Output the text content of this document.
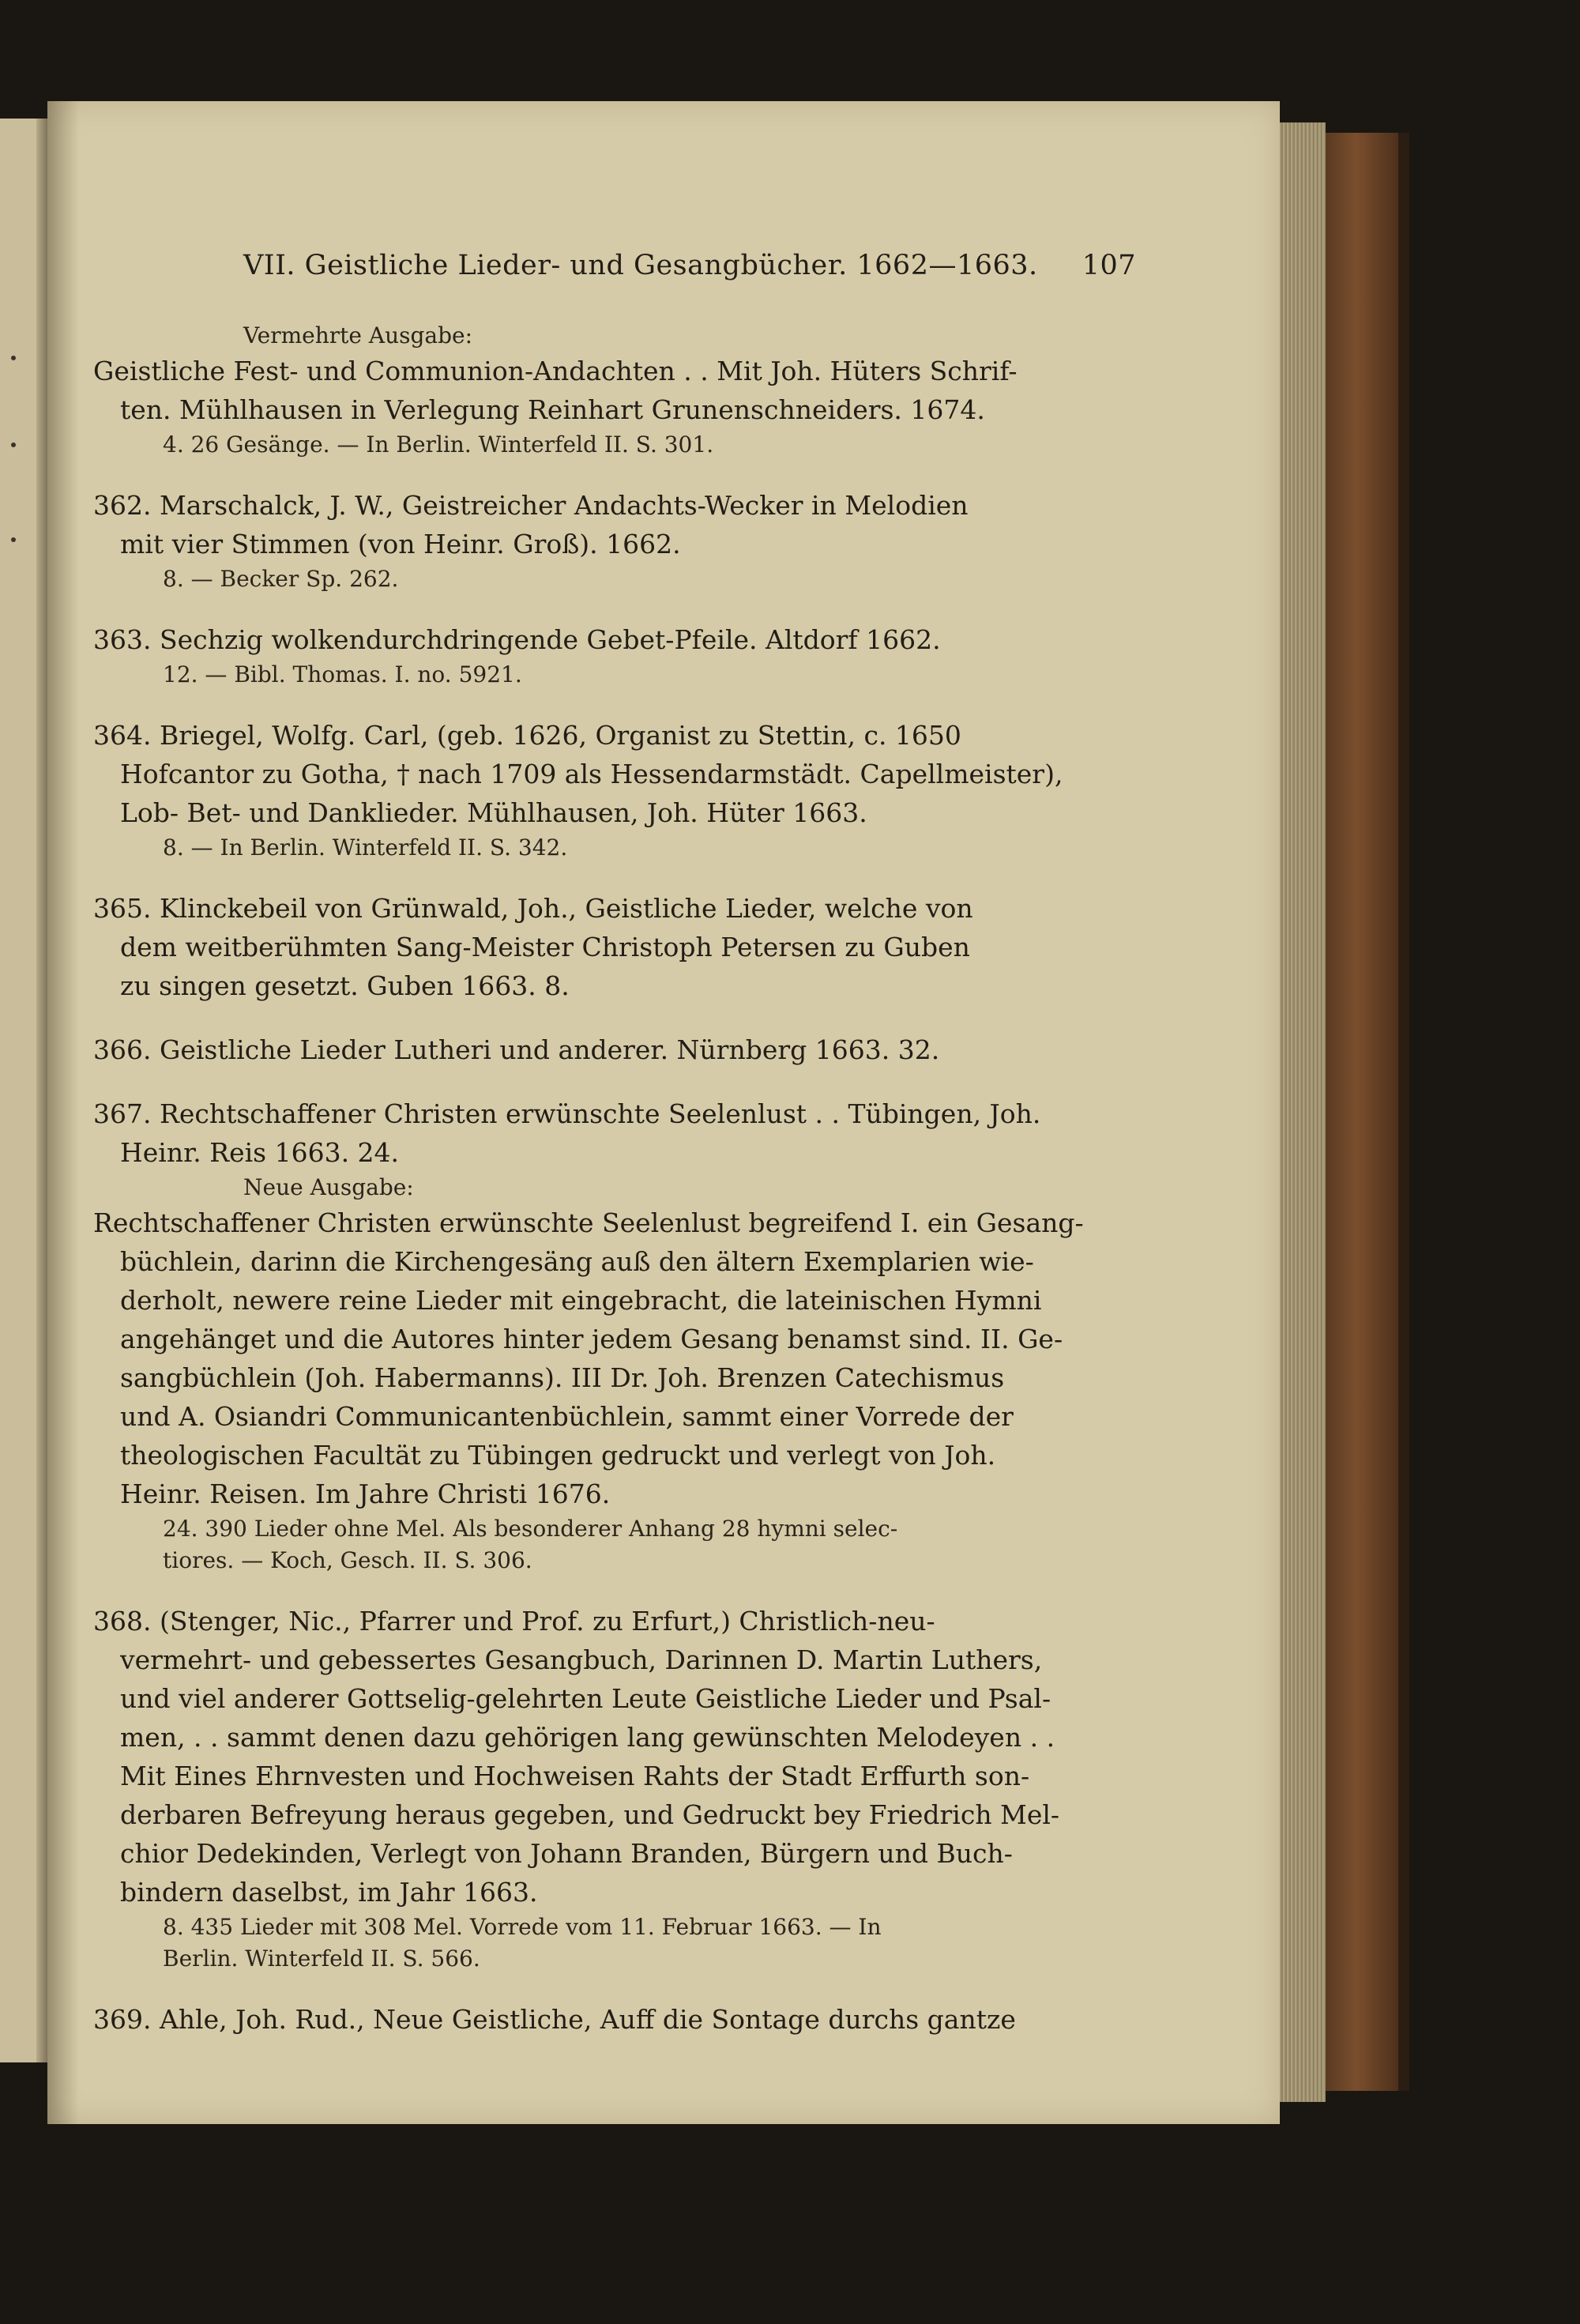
VII. Geistliche Lieder- und Gesangbücher. 1662—1663. 107

Vermehrte Ausgabe:

Geistliche Fest- und Communion-Andachten . . Mit Joh. Hüters Schrif-

ten. Mühlhausen in Verlegung Reinhart Grunenschneiders. 1674.

4. 26 Gesänge. — In Berlin. Winterfeld II. S. 301.

362. Marschalck, J. W., Geistreicher Andachts-Wecker in Melodien

mit vier Stimmen (von Heinr. Groß). 1662.

8. — Becker Sp. 262.

363. Sechzig wolkendurchdringende Gebet-Pfeile. Altdorf 1662.

12. — Bibl. Thomas. I. no. 5921.

364. Briegel, Wolfg. Carl, (geb. 1626, Organist zu Stettin, c. 1650

Hofcantor zu Gotha, † nach 1709 als Hessendarmstädt. Capellmeister),

Lob- Bet- und Danklieder. Mühlhausen, Joh. Hüter 1663.

8. — In Berlin. Winterfeld II. S. 342.

365. Klinckebeil von Grünwald, Joh., Geistliche Lieder, welche von

dem weitberühmten Sang-Meister Christoph Petersen zu Guben

zu singen gesetzt. Guben 1663. 8.

366. Geistliche Lieder Lutheri und anderer. Nürnberg 1663. 32.

367. Rechtschaffener Christen erwünschte Seelenlust . . Tübingen, Joh.

Heinr. Reis 1663. 24.

Neue Ausgabe:

Rechtschaffener Christen erwünschte Seelenlust begreifend I. ein Gesang-

büchlein, darinn die Kirchengesäng auß den ältern Exemplarien wie-

derholt, newere reine Lieder mit eingebracht, die lateinischen Hymni

angehänget und die Autores hinter jedem Gesang benamst sind. II. Ge-

sangbüchlein (Joh. Habermanns). III Dr. Joh. Brenzen Catechismus

und A. Osiandri Communicantenbüchlein, sammt einer Vorrede der

theologischen Facultät zu Tübingen gedruckt und verlegt von Joh.

Heinr. Reisen. Im Jahre Christi 1676.

24. 390 Lieder ohne Mel. Als besonderer Anhang 28 hymni selec-

tiores. — Koch, Gesch. II. S. 306.

368. (Stenger, Nic., Pfarrer und Prof. zu Erfurt,) Christlich-neu-

vermehrt- und gebessertes Gesangbuch, Darinnen D. Martin Luthers,

und viel anderer Gottselig-gelehrten Leute Geistliche Lieder und Psal-

men, . . sammt denen dazu gehörigen lang gewünschten Melodeyen . .

Mit Eines Ehrnvesten und Hochweisen Rahts der Stadt Erffurth son-

derbaren Befreyung heraus gegeben, und Gedruckt bey Friedrich Mel-

chior Dedekinden, Verlegt von Johann Branden, Bürgern und Buch-

bindern daselbst, im Jahr 1663.

8. 435 Lieder mit 308 Mel. Vorrede vom 11. Februar 1663. — In

Berlin. Winterfeld II. S. 566.

369. Ahle, Joh. Rud., Neue Geistliche, Auff die Sontage durchs gantze
